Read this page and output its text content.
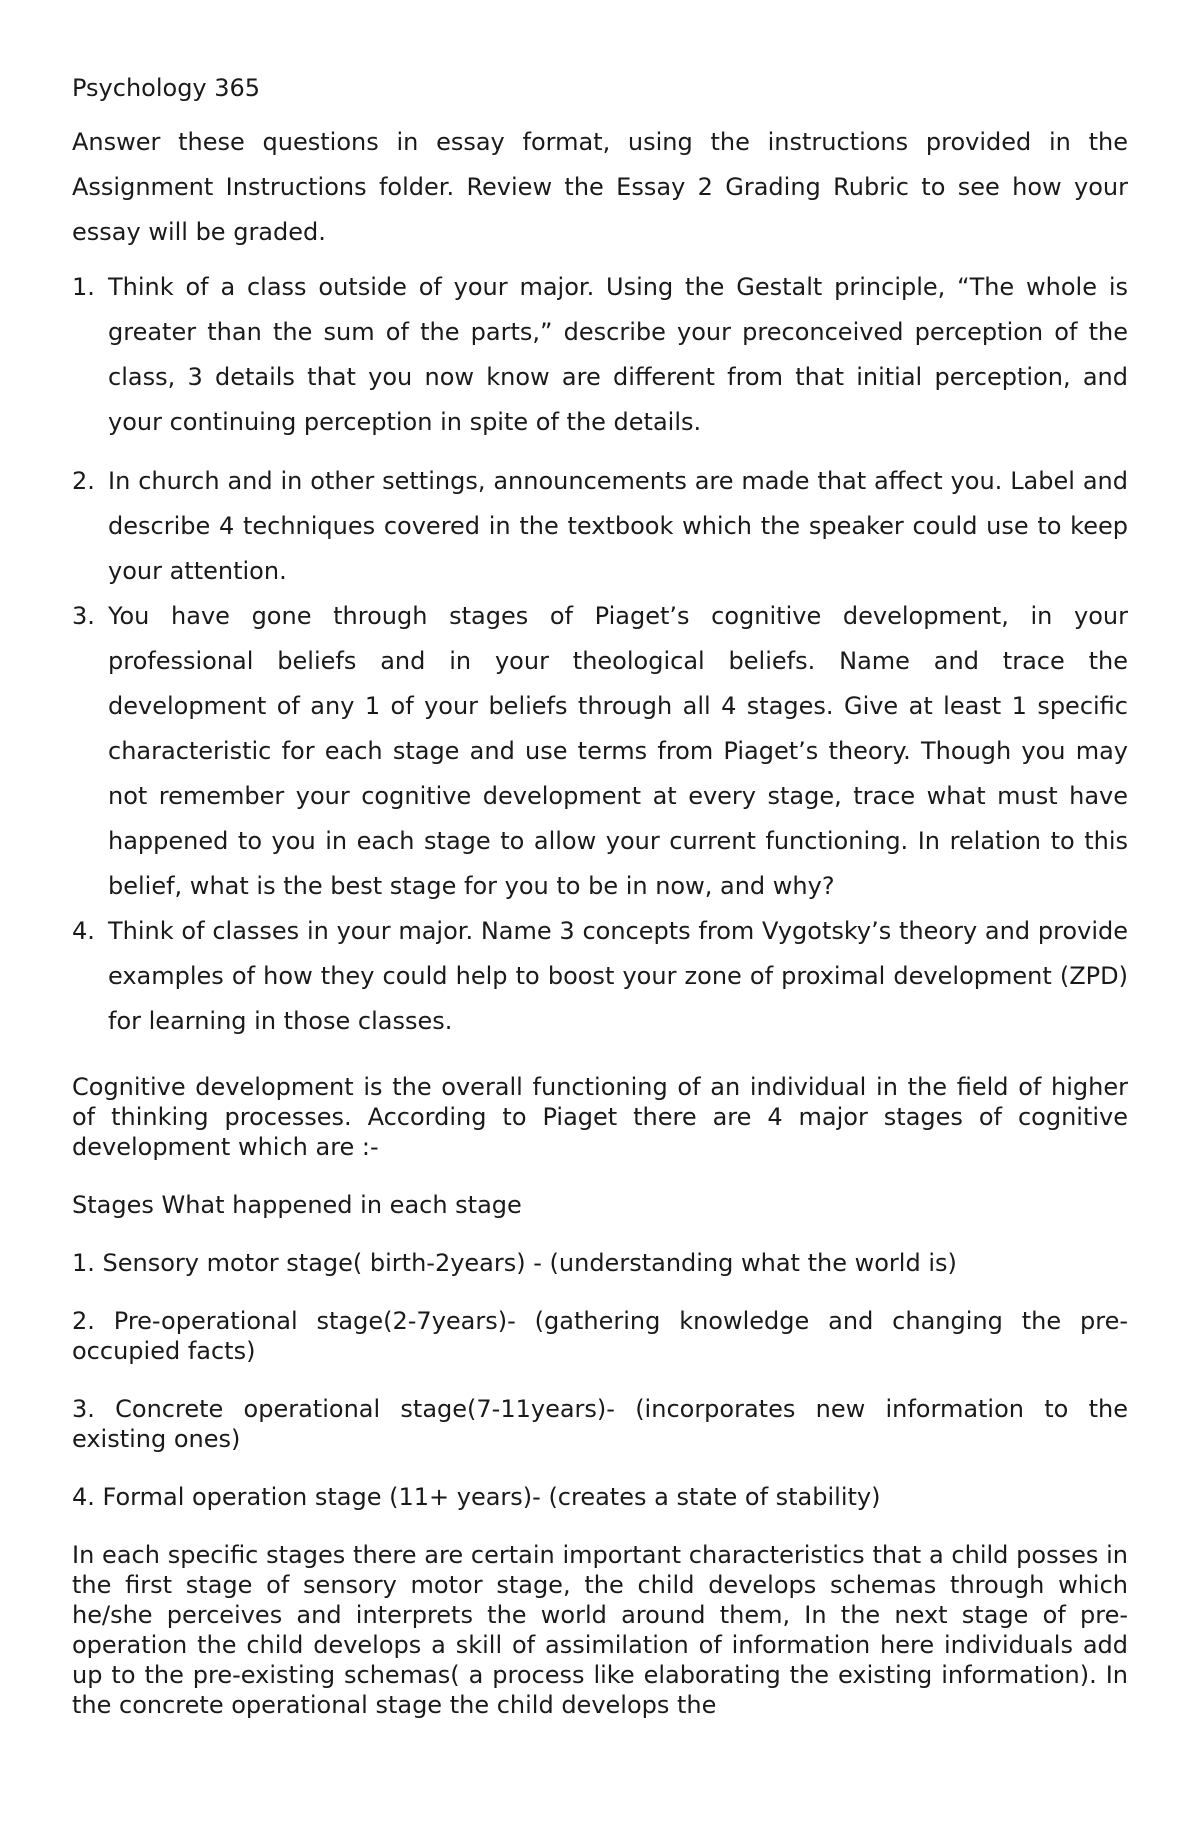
Psychology 365

Answer these questions in essay format, using the instructions provided in the Assignment Instructions folder. Review the Essay 2 Grading Rubric to see how your essay will be graded.

1. Think of a class outside of your major. Using the Gestalt principle, “The whole is greater than the sum of the parts,” describe your preconceived perception of the class, 3 details that you now know are different from that initial perception, and your continuing perception in spite of the details.
2. In church and in other settings, announcements are made that affect you. Label and describe 4 techniques covered in the textbook which the speaker could use to keep your attention.
3. You have gone through stages of Piaget’s cognitive development, in your professional beliefs and in your theological beliefs. Name and trace the development of any 1 of your beliefs through all 4 stages. Give at least 1 specific characteristic for each stage and use terms from Piaget’s theory. Though you may not remember your cognitive development at every stage, trace what must have happened to you in each stage to allow your current functioning. In relation to this belief, what is the best stage for you to be in now, and why?
4. Think of classes in your major. Name 3 concepts from Vygotsky’s theory and provide examples of how they could help to boost your zone of proximal development (ZPD) for learning in those classes.

Cognitive development is the overall functioning of an individual in the field of higher of thinking processes. According to Piaget there are 4 major stages of cognitive development which are :-

Stages What happened in each stage

1. Sensory motor stage( birth-2years) - (understanding what the world is)

2. Pre-operational stage(2-7years)- (gathering knowledge and changing the pre-occupied facts)

3. Concrete operational stage(7-11years)- (incorporates new information to the existing ones)

4. Formal operation stage (11+ years)- (creates a state of stability)

In each specific stages there are certain important characteristics that a child posses in the first stage of sensory motor stage, the child develops schemas through which he/she perceives and interprets the world around them, In the next stage of pre-operation the child develops a skill of assimilation of information here individuals add up to the pre-existing schemas( a process like elaborating the existing information). In the concrete operational stage the child develops the
